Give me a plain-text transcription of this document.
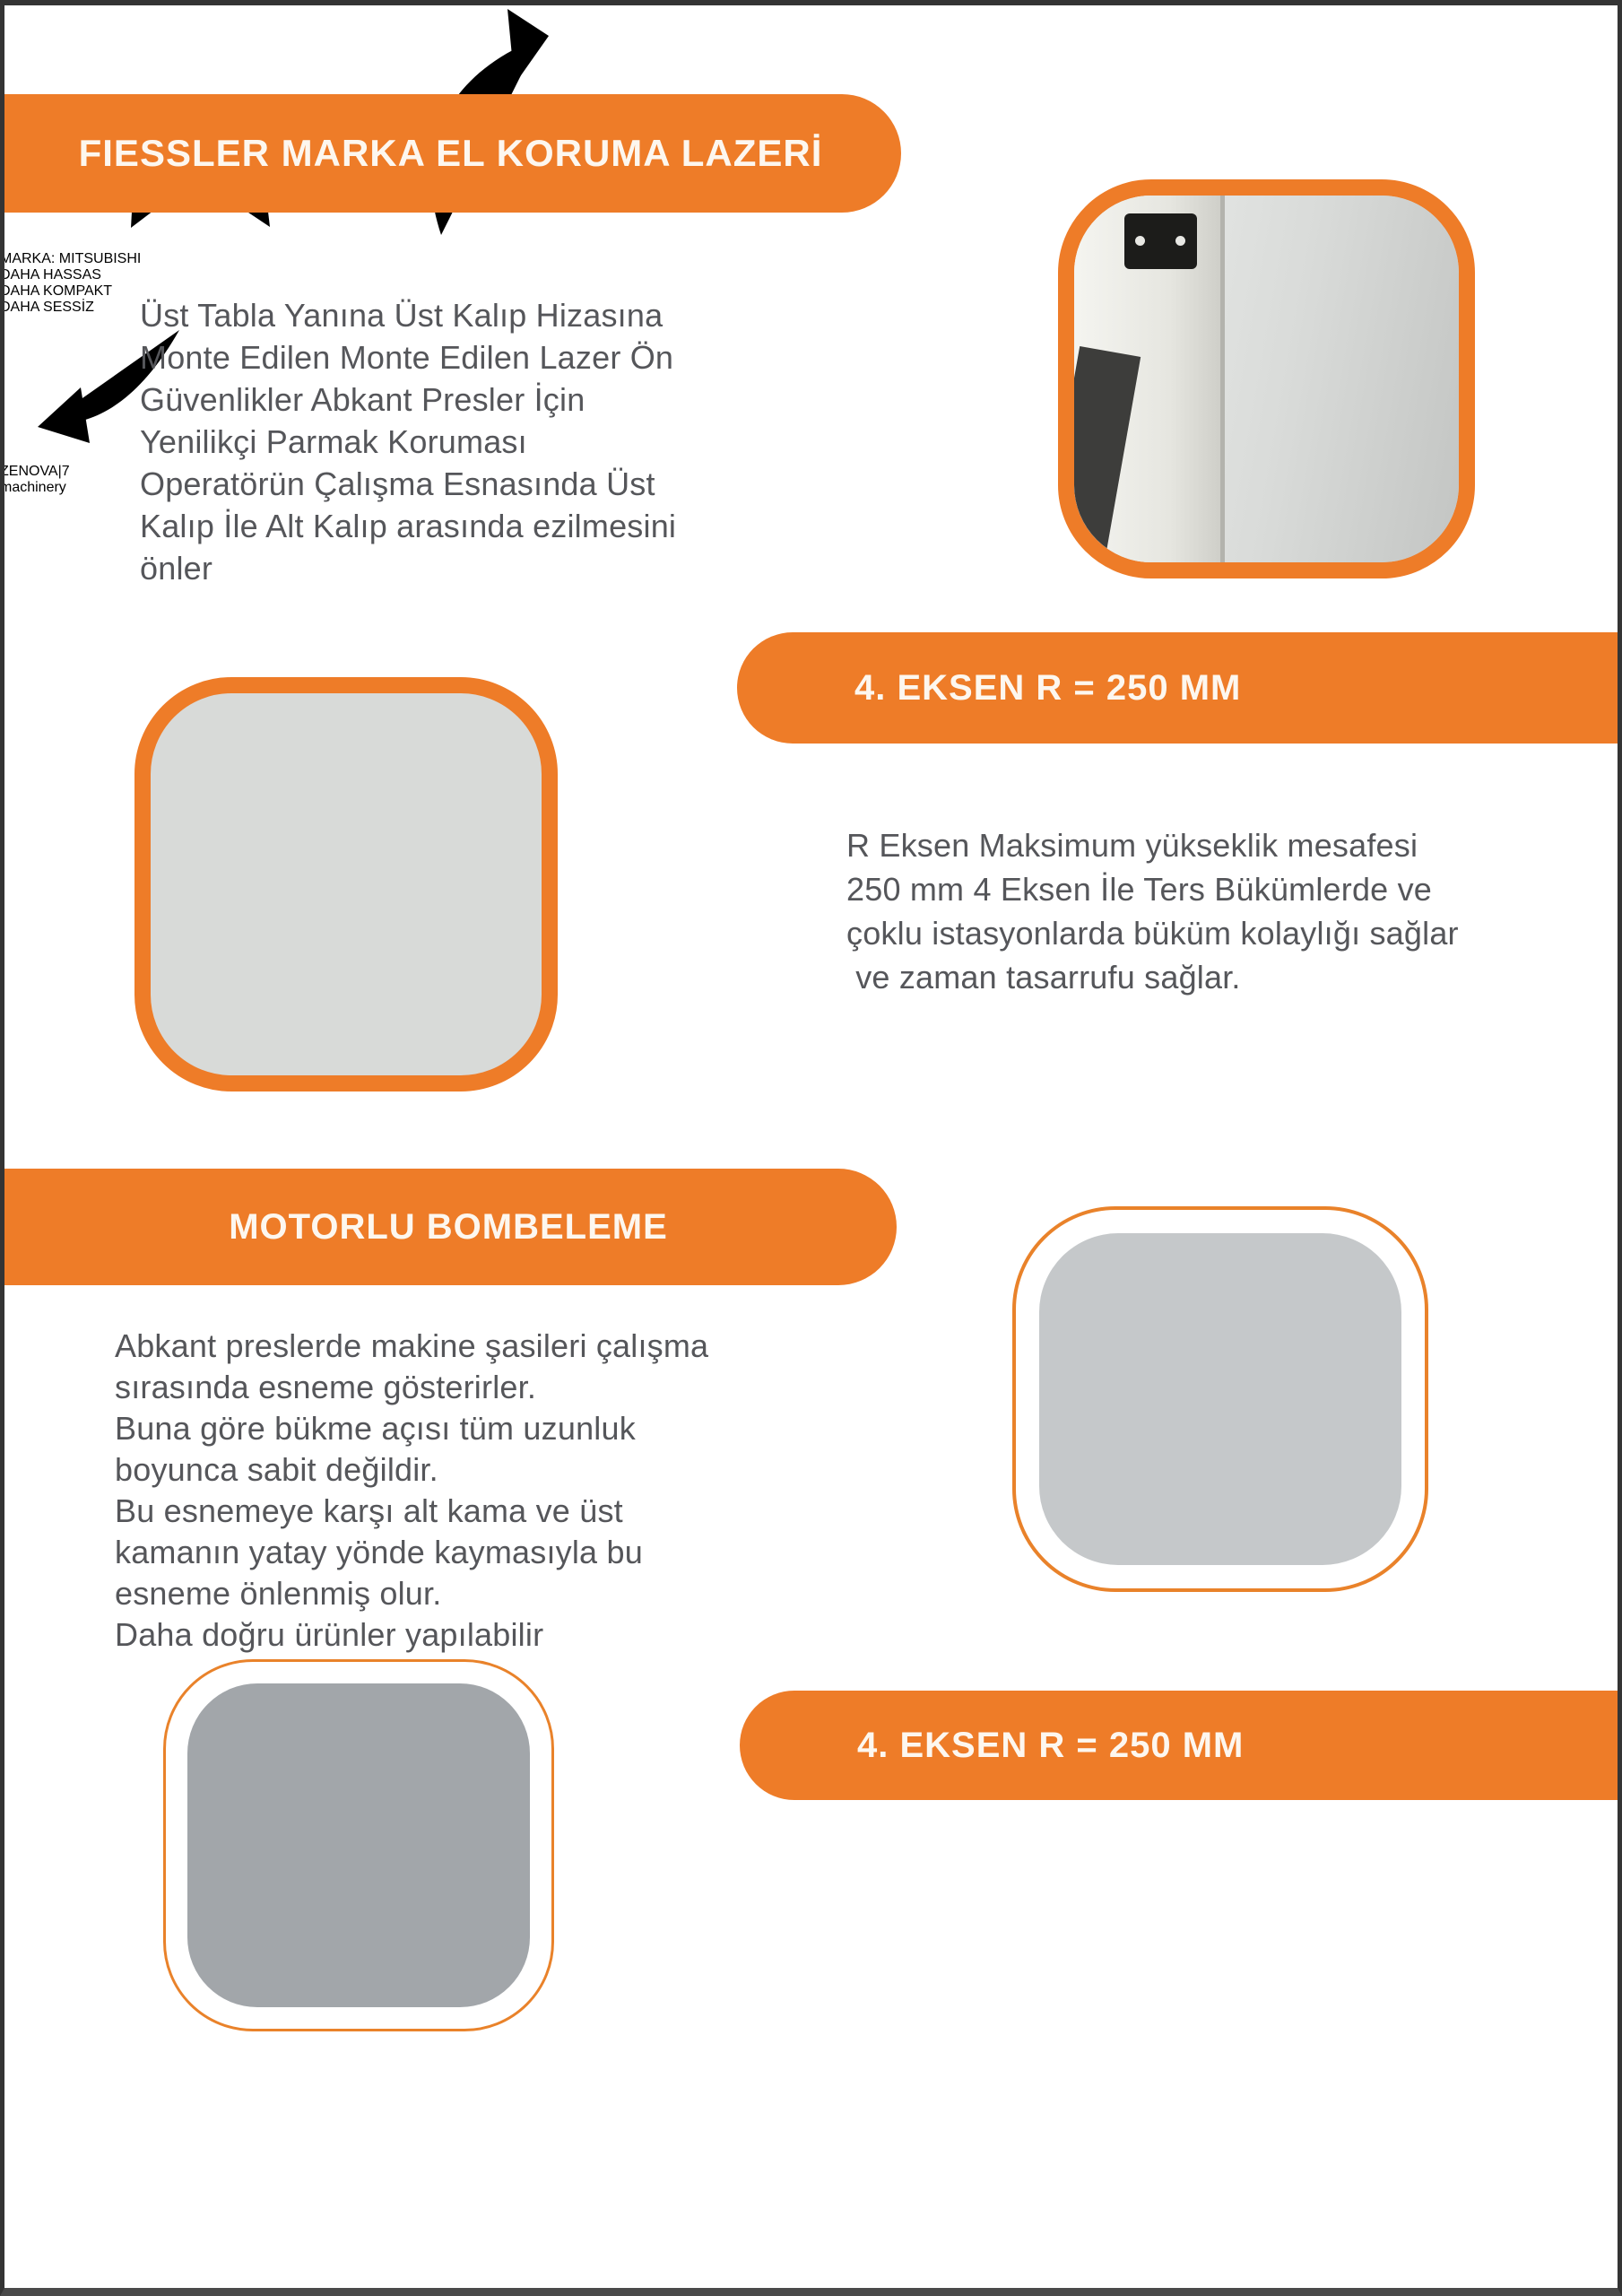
FIESSLER MARKA EL KORUMA LAZERİ
Üst Tabla Yanına Üst Kalıp Hizasına
Monte Edilen Monte Edilen Lazer Ön
Güvenlikler Abkant Presler İçin
Yenilikçi Parmak Koruması
Operatörün Çalışma Esnasında Üst
Kalıp İle Alt Kalıp arasında ezilmesini
önler

4. EKSEN R = 250 MM

R Eksen Maksimum yükseklik mesafesi
250 mm 4 Eksen İle Ters Bükümlerde ve
çoklu istasyonlarda büküm kolaylığı sağlar
ve zaman tasarrufu sağlar.
MOTORLU BOMBELEME
Abkant preslerde makine şasileri çalışma
sırasında esneme gösterirler.
Buna göre bükme açısı tüm uzunluk
boyunca sabit değildir.
Bu esnemeye karşı alt kama ve üst
kamanın yatay yönde kaymasıyla bu
esneme önlenmiş olur.
Daha doğru ürünler yapılabilir
MARKA: MITSUBISHI
4. EKSEN R = 250 MM
DAHA HASSAS
DAHA KOMPAKT
DAHA SESSİZ
ZENOVA|7
machinery
